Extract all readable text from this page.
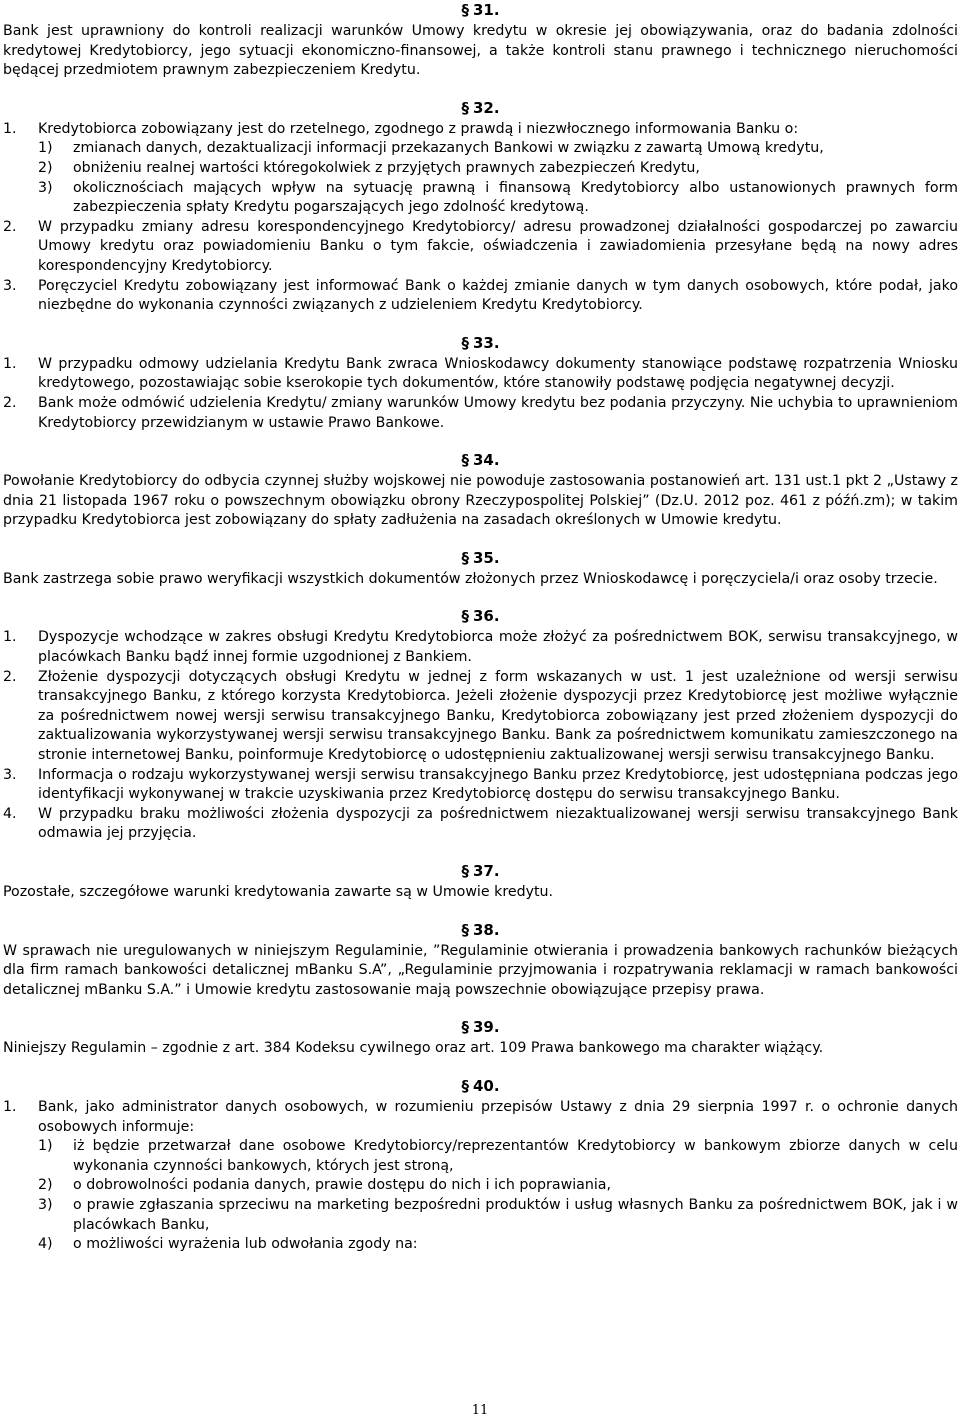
§ 31.

Bank jest uprawniony do kontroli realizacji warunków Umowy kredytu w okresie jej obowiązywania, oraz do badania zdolności kredytowej Kredytobiorcy, jego sytuacji ekonomiczno-finansowej, a także kontroli stanu prawnego i technicznego nieruchomości będącej przedmiotem prawnym zabezpieczeniem Kredytu.

§ 32.
1.	Kredytobiorca zobowiązany jest do rzetelnego, zgodnego z prawdą i niezwłocznego informowania Banku o:
1)	zmianach danych, dezaktualizacji informacji przekazanych Bankowi w związku z zawartą Umową kredytu,
2)	obniżeniu realnej wartości któregokolwiek z przyjętych prawnych zabezpieczeń Kredytu,
3)	okolicznościach mających wpływ na sytuację prawną i finansową Kredytobiorcy albo ustanowionych prawnych form zabezpieczenia spłaty Kredytu pogarszających jego zdolność kredytową.
2.	W przypadku zmiany adresu korespondencyjnego Kredytobiorcy/ adresu prowadzonej działalności gospodarczej po zawarciu Umowy kredytu oraz powiadomieniu Banku o tym fakcie, oświadczenia i zawiadomienia przesyłane będą na nowy adres korespondencyjny Kredytobiorcy.
3.	Poręczyciel Kredytu zobowiązany jest informować Bank o każdej zmianie danych w tym danych osobowych, które podał, jako niezbędne do wykonania czynności związanych z udzieleniem Kredytu Kredytobiorcy.
§ 33.
1.	W przypadku odmowy udzielania Kredytu Bank zwraca Wnioskodawcy dokumenty stanowiące podstawę rozpatrzenia Wniosku kredytowego, pozostawiając sobie kserokopie tych dokumentów, które stanowiły podstawę podjęcia negatywnej decyzji.
2.	Bank może odmówić udzielenia Kredytu/ zmiany warunków Umowy kredytu bez podania przyczyny. Nie uchybia to uprawnieniom Kredytobiorcy przewidzianym w ustawie Prawo Bankowe.
§ 34.

Powołanie Kredytobiorcy do odbycia czynnej służby wojskowej nie powoduje zastosowania postanowień art. 131 ust.1 pkt 2 „Ustawy z dnia 21 listopada 1967 roku o powszechnym obowiązku obrony Rzeczypospolitej Polskiej” (Dz.U. 2012 poz. 461 z późń.zm); w takim przypadku Kredytobiorca jest zobowiązany do spłaty zadłużenia na zasadach określonych w Umowie kredytu.

§ 35.

Bank zastrzega sobie prawo weryfikacji wszystkich dokumentów złożonych przez Wnioskodawcę i poręczyciela/i oraz osoby trzecie.

§ 36.
1.	Dyspozycje wchodzące w zakres obsługi Kredytu Kredytobiorca może złożyć za pośrednictwem BOK, serwisu transakcyjnego, w placówkach Banku bądź innej formie uzgodnionej z Bankiem.
2.	Złożenie dyspozycji dotyczących obsługi Kredytu w jednej z form wskazanych w ust. 1 jest uzależnione od wersji serwisu transakcyjnego Banku, z którego korzysta Kredytobiorca. Jeżeli złożenie dyspozycji przez Kredytobiorcę jest możliwe wyłącznie za pośrednictwem nowej wersji serwisu transakcyjnego Banku, Kredytobiorca zobowiązany jest przed złożeniem dyspozycji do zaktualizowania wykorzystywanej wersji serwisu transakcyjnego Banku. Bank za pośrednictwem komunikatu zamieszczonego na stronie internetowej Banku, poinformuje Kredytobiorcę o udostępnieniu zaktualizowanej wersji serwisu transakcyjnego Banku.
3.	Informacja o rodzaju wykorzystywanej wersji serwisu transakcyjnego Banku przez Kredytobiorcę, jest udostępniana podczas jego identyfikacji wykonywanej w trakcie uzyskiwania przez Kredytobiorcę dostępu do serwisu transakcyjnego Banku.
4.	W przypadku braku możliwości złożenia dyspozycji za pośrednictwem niezaktualizowanej wersji serwisu transakcyjnego Bank odmawia jej przyjęcia.
§ 37.

Pozostałe, szczegółowe warunki kredytowania zawarte są w Umowie kredytu.

§ 38.

W sprawach nie uregulowanych w niniejszym Regulaminie, ”Regulaminie otwierania i prowadzenia bankowych rachunków bieżących dla firm ramach bankowości detalicznej mBanku S.A”, „Regulaminie przyjmowania i rozpatrywania reklamacji w ramach bankowości detalicznej mBanku S.A.” i Umowie kredytu zastosowanie mają powszechnie obowiązujące przepisy prawa.

§ 39.

Niniejszy Regulamin – zgodnie z art. 384 Kodeksu cywilnego oraz art. 109 Prawa bankowego ma charakter wiążący.

§ 40.
1.	Bank, jako administrator danych osobowych, w rozumieniu przepisów Ustawy z dnia 29 sierpnia 1997 r. o ochronie danych osobowych informuje:
1)	iż będzie przetwarzał dane osobowe Kredytobiorcy/reprezentantów Kredytobiorcy w bankowym zbiorze danych w celu wykonania czynności bankowych, których jest stroną,
2)	o dobrowolności podania danych, prawie dostępu do nich i ich poprawiania,
3)	o prawie zgłaszania sprzeciwu na marketing bezpośredni produktów i usług własnych Banku za pośrednictwem BOK, jak i w placówkach Banku,
4)	o możliwości wyrażenia lub odwołania zgody na:
11
